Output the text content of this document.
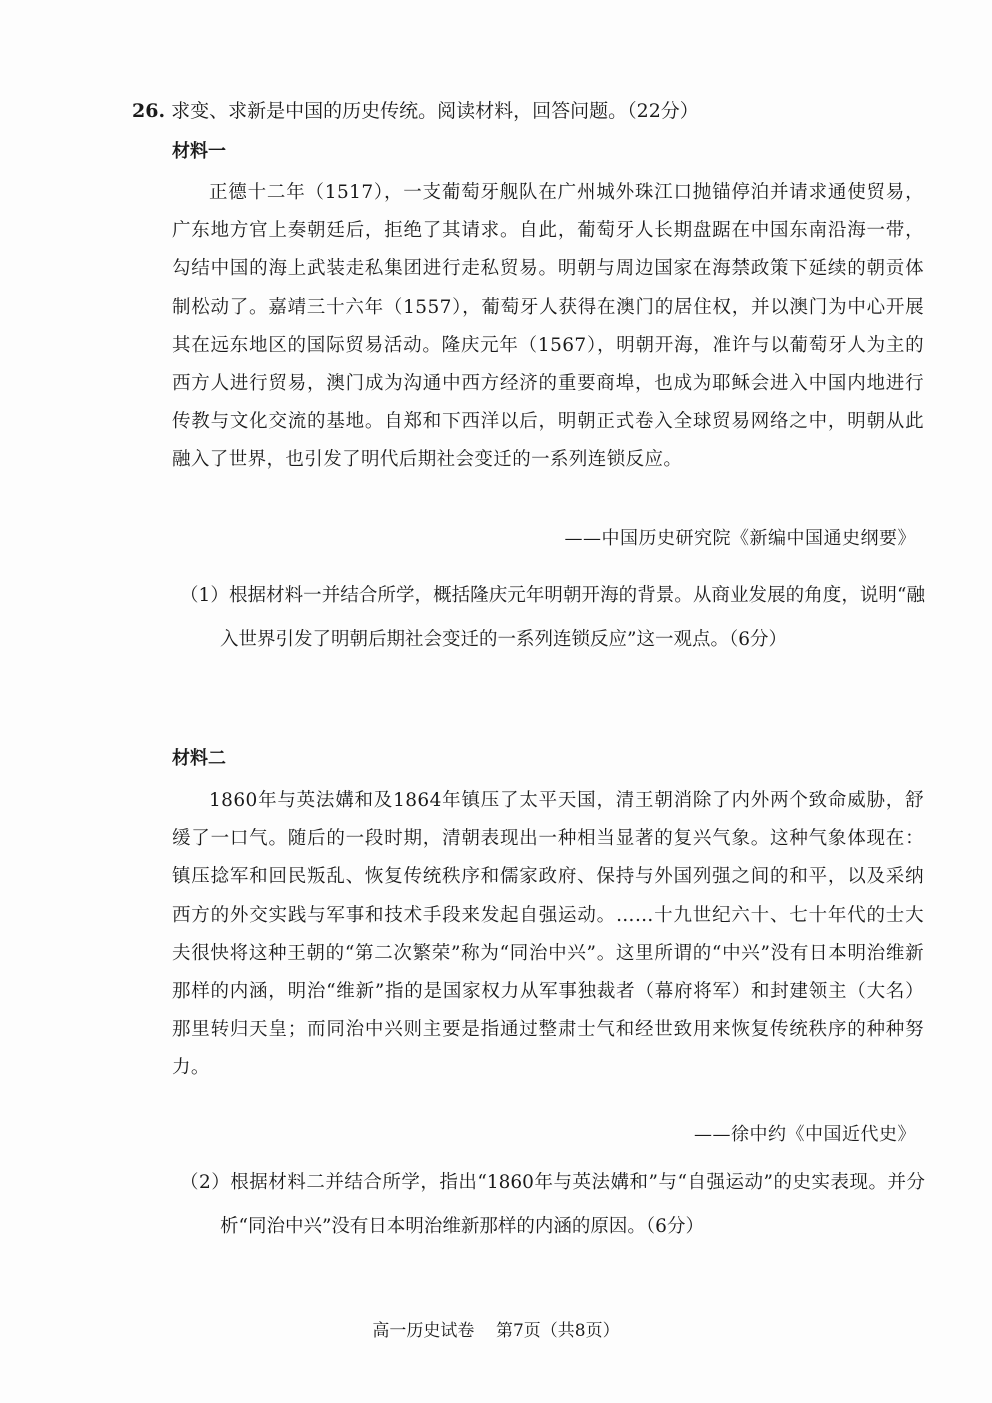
26. 求变、求新是中国的历史传统。阅读材料，回答问题。（22分）
材料一
正德十二年（1517），一支葡萄牙舰队在广州城外珠江口抛锚停泊并请求通使贸易，广东地方官上奏朝廷后，拒绝了其请求。自此，葡萄牙人长期盘踞在中国东南沿海一带，勾结中国的海上武装走私集团进行走私贸易。明朝与周边国家在海禁政策下延续的朝贡体制松动了。嘉靖三十六年（1557），葡萄牙人获得在澳门的居住权，并以澳门为中心开展其在远东地区的国际贸易活动。隆庆元年（1567），明朝开海，准许与以葡萄牙人为主的西方人进行贸易，澳门成为沟通中西方经济的重要商埠，也成为耶稣会进入中国内地进行传教与文化交流的基地。自郑和下西洋以后，明朝正式卷入全球贸易网络之中，明朝从此融入了世界，也引发了明代后期社会变迁的一系列连锁反应。
——中国历史研究院《新编中国通史纲要》
（1）根据材料一并结合所学，概括隆庆元年明朝开海的背景。从商业发展的角度，说明“融入世界引发了明朝后期社会变迁的一系列连锁反应”这一观点。（6分）
材料二
1860年与英法媾和及1864年镇压了太平天国，清王朝消除了内外两个致命威胁，舒缓了一口气。随后的一段时期，清朝表现出一种相当显著的复兴气象。这种气象体现在：镇压捻军和回民叛乱、恢复传统秩序和儒家政府、保持与外国列强之间的和平，以及采纳西方的外交实践与军事和技术手段来发起自强运动。……十九世纪六十、七十年代的士大夫很快将这种王朝的“第二次繁荣”称为“同治中兴”。这里所谓的“中兴”没有日本明治维新那样的内涵，明治“维新”指的是国家权力从军事独裁者（幕府将军）和封建领主（大名）那里转归天皇；而同治中兴则主要是指通过整肃士气和经世致用来恢复传统秩序的种种努力。
——徐中约《中国近代史》
（2）根据材料二并结合所学，指出“1860年与英法媾和”与“自强运动”的史实表现。并分析“同治中兴”没有日本明治维新那样的内涵的原因。（6分）
高一历史试卷    第7页（共8页）
